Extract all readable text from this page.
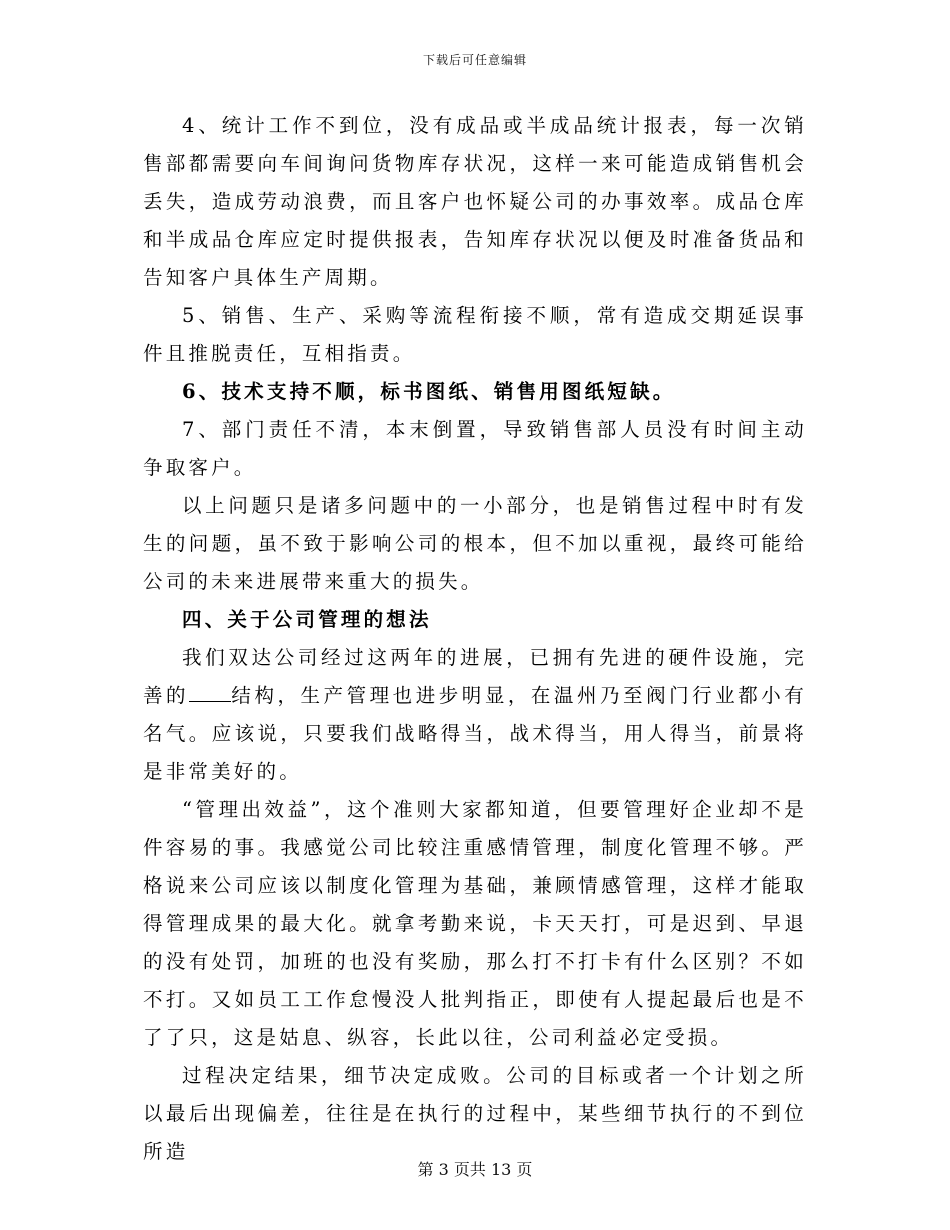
下载后可任意编辑

4、统计工作不到位，没有成品或半成品统计报表，每一次销售部都需要向车间询问货物库存状况，这样一来可能造成销售机会丢失，造成劳动浪费，而且客户也怀疑公司的办事效率。成品仓库和半成品仓库应定时提供报表，告知库存状况以便及时准备货品和告知客户具体生产周期。

5、销售、生产、采购等流程衔接不顺，常有造成交期延误事件且推脱责任，互相指责。

6、技术支持不顺，标书图纸、销售用图纸短缺。

7、部门责任不清，本末倒置，导致销售部人员没有时间主动争取客户。

以上问题只是诸多问题中的一小部分，也是销售过程中时有发生的问题，虽不致于影响公司的根本，但不加以重视，最终可能给公司的未来进展带来重大的损失。

四、关于公司管理的想法

我们双达公司经过这两年的进展，已拥有先进的硬件设施，完善的 结构，生产管理也进步明显，在温州乃至阀门行业都小有名气。应该说，只要我们战略得当，战术得当，用人得当，前景将是非常美好的。

“管理出效益”，这个准则大家都知道，但要管理好企业却不是件容易的事。我感觉公司比较注重感情管理，制度化管理不够。严格说来公司应该以制度化管理为基础，兼顾情感管理，这样才能取得管理成果的最大化。就拿考勤来说，卡天天打，可是迟到、早退的没有处罚，加班的也没有奖励，那么打不打卡有什么区别？不如不打。又如员工工作怠慢没人批判指正，即使有人提起最后也是不了了只，这是姑息、纵容，长此以往，公司利益必定受损。

过程决定结果，细节决定成败。公司的目标或者一个计划之所以最后出现偏差，往往是在执行的过程中，某些细节执行的不到位所造

第 3 页共 13 页
